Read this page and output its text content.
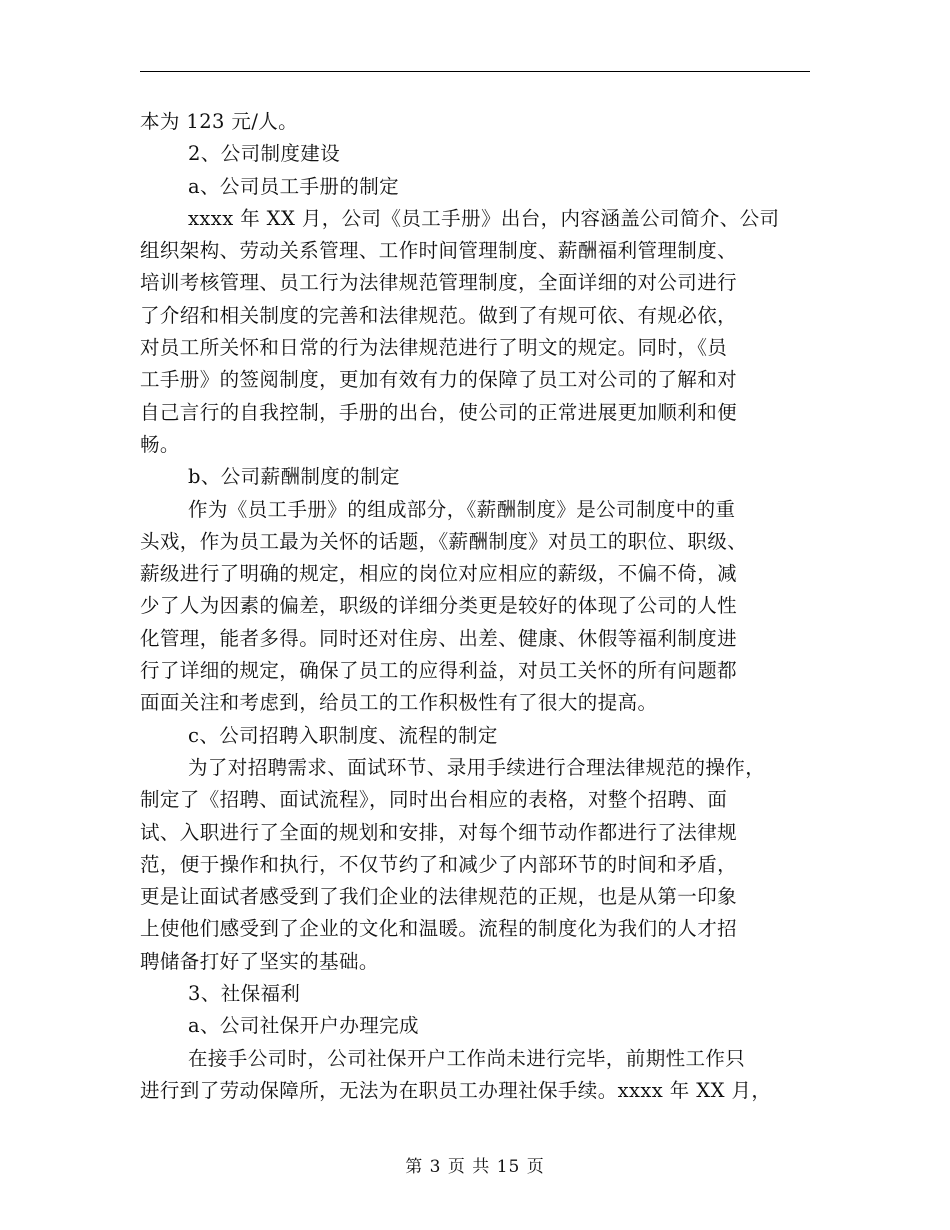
本为 123 元/人。
2、公司制度建设
a、公司员工手册的制定
xxxx 年 XX 月，公司《员工手册》出台，内容涵盖公司简介、公司
组织架构、劳动关系管理、工作时间管理制度、薪酬福利管理制度、
培训考核管理、员工行为法律规范管理制度，全面详细的对公司进行
了介绍和相关制度的完善和法律规范。做到了有规可依、有规必依，
对员工所关怀和日常的行为法律规范进行了明文的规定。同时，《员
工手册》的签阅制度，更加有效有力的保障了员工对公司的了解和对
自己言行的自我控制，手册的出台，使公司的正常进展更加顺利和便
畅。
b、公司薪酬制度的制定
作为《员工手册》的组成部分，《薪酬制度》是公司制度中的重
头戏，作为员工最为关怀的话题，《薪酬制度》对员工的职位、职级、
薪级进行了明确的规定，相应的岗位对应相应的薪级，不偏不倚，减
少了人为因素的偏差，职级的详细分类更是较好的体现了公司的人性
化管理，能者多得。同时还对住房、出差、健康、休假等福利制度进
行了详细的规定，确保了员工的应得利益，对员工关怀的所有问题都
面面关注和考虑到，给员工的工作积极性有了很大的提高。
c、公司招聘入职制度、流程的制定
为了对招聘需求、面试环节、录用手续进行合理法律规范的操作，
制定了《招聘、面试流程》，同时出台相应的表格，对整个招聘、面
试、入职进行了全面的规划和安排，对每个细节动作都进行了法律规
范，便于操作和执行，不仅节约了和减少了内部环节的时间和矛盾，
更是让面试者感受到了我们企业的法律规范的正规，也是从第一印象
上使他们感受到了企业的文化和温暖。流程的制度化为我们的人才招
聘储备打好了坚实的基础。
3、社保福利
a、公司社保开户办理完成
在接手公司时，公司社保开户工作尚未进行完毕，前期性工作只
进行到了劳动保障所，无法为在职员工办理社保手续。xxxx 年 XX 月，
第 3 页 共 15 页
